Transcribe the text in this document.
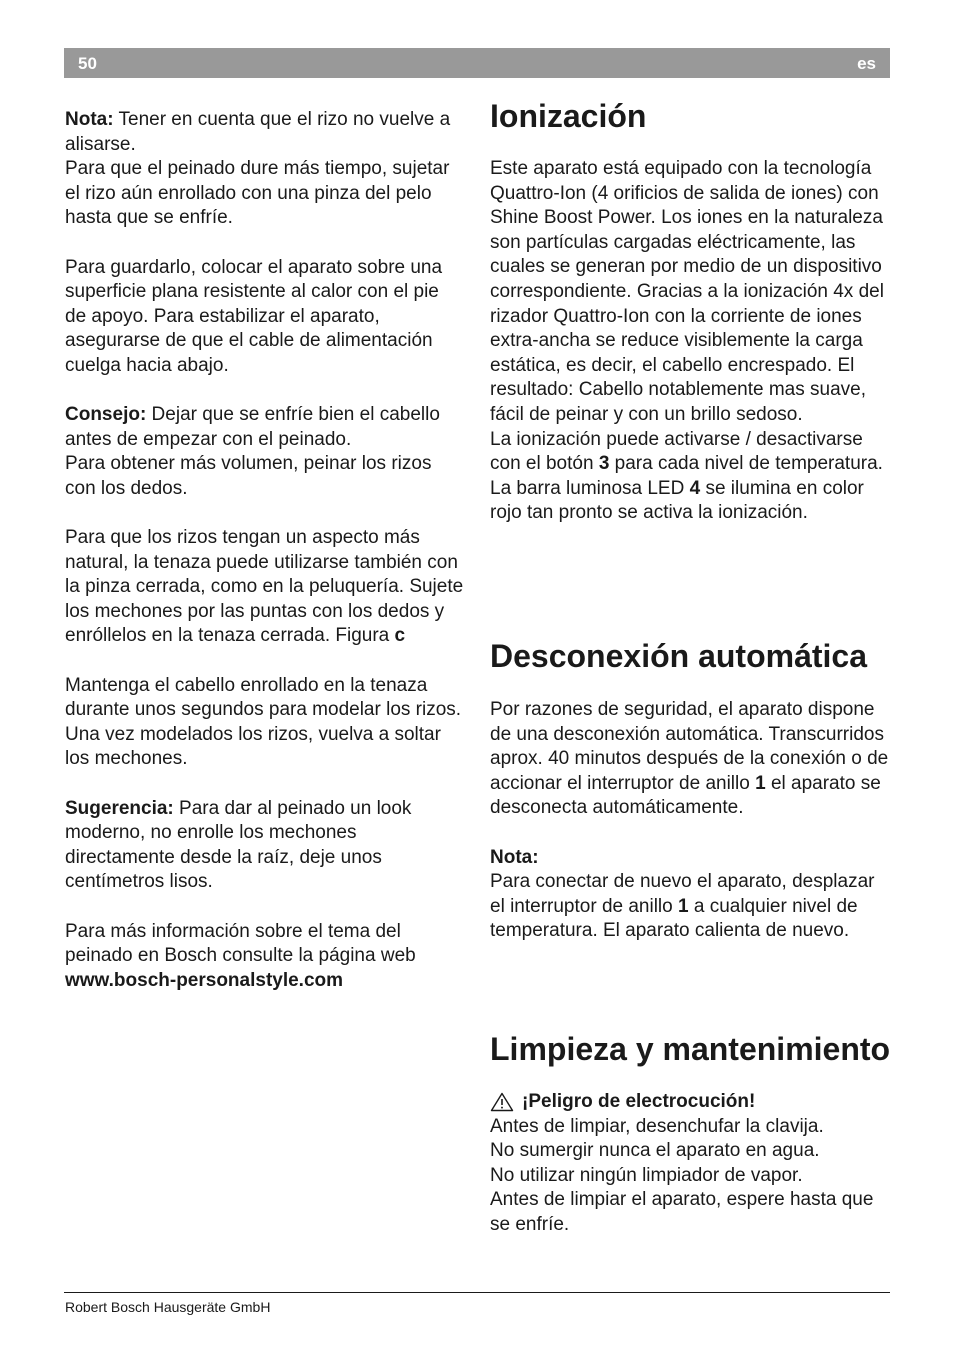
50	es

Nota: Tener en cuenta que el rizo no vuelve a alisarse.

Para que el peinado dure más tiempo, sujetar el rizo aún enrollado con una pinza del pelo hasta que se enfríe.

Para guardarlo, colocar el aparato sobre una superficie plana resistente al calor con el pie de apoyo. Para estabilizar el aparato, asegurarse de que el cable de alimentación cuelga hacia abajo.

Consejo: Dejar que se enfríe bien el cabello antes de empezar con el peinado.

Para obtener más volumen, peinar los rizos con los dedos.

Para que los rizos tengan un aspecto más natural, la tenaza puede utilizarse también con la pinza cerrada, como en la peluquería. Sujete los mechones por las puntas con los dedos y enróllelos en la tenaza cerrada. Figura c

Mantenga el cabello enrollado en la tenaza durante unos segundos para modelar los rizos. Una vez modelados los rizos, vuelva a soltar los mechones.

Sugerencia: Para dar al peinado un look moderno, no enrolle los mechones directamente desde la raíz, deje unos centímetros lisos.

Para más información sobre el tema del peinado en Bosch consulte la página web

www.bosch-personalstyle.com

Ionización

Este aparato está equipado con la tecnología Quattro-Ion (4 orificios de salida de iones) con Shine Boost Power. Los iones en la naturaleza son partículas cargadas eléctricamente, las cuales se generan por medio de un dispositivo correspondiente. Gracias a la ionización 4x del rizador Quattro-Ion con la corriente de iones extra-ancha se reduce visiblemente la carga estática, es decir, el cabello encrespado. El resultado: Cabello notablemente mas suave, fácil de peinar y con un brillo sedoso.

La ionización puede activarse / desactivarse con el botón 3 para cada nivel de temperatura. La barra luminosa LED 4 se ilumina en color rojo tan pronto se activa la ionización.

Desconexión automática

Por razones de seguridad, el aparato dispone de una desconexión automática. Transcurridos aprox. 40 minutos después de la conexión o de accionar el interruptor de anillo 1 el aparato se desconecta automáticamente.

Nota:

Para conectar de nuevo el aparato, desplazar el interruptor de anillo 1 a cualquier nivel de temperatura. El aparato calienta de nuevo.

Limpieza y mantenimiento

¡Peligro de electrocución!

Antes de limpiar, desenchufar la clavija.

No sumergir nunca el aparato en agua.

No utilizar ningún limpiador de vapor.

Antes de limpiar el aparato, espere hasta que se enfríe.

Robert Bosch Hausgeräte GmbH
